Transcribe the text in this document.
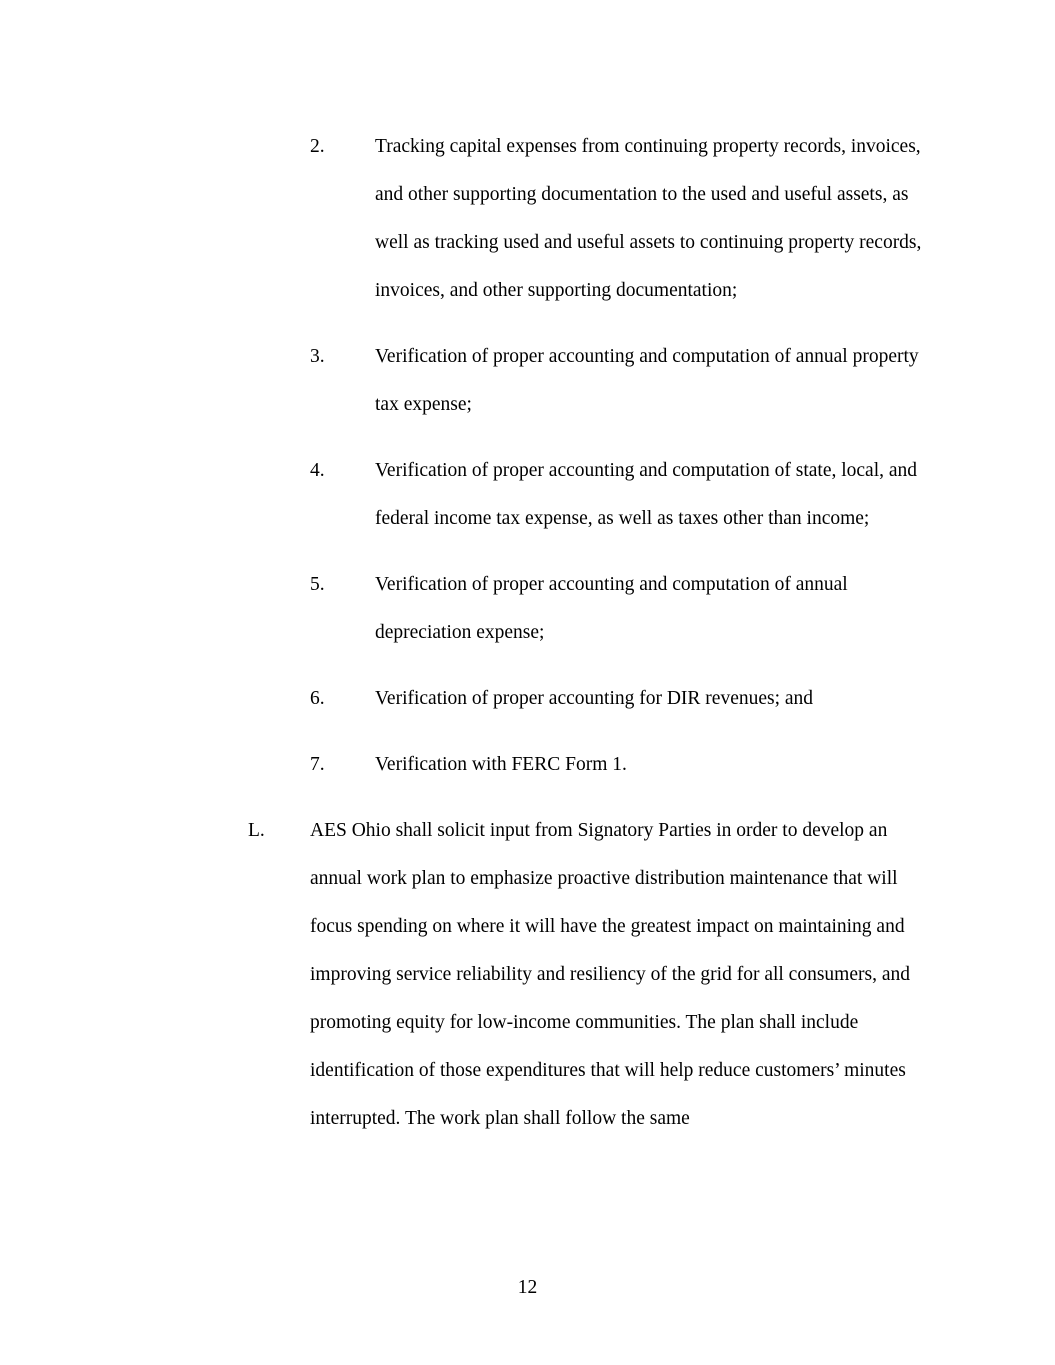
2.	Tracking capital expenses from continuing property records, invoices, and other supporting documentation to the used and useful assets, as well as tracking used and useful assets to continuing property records, invoices, and other supporting documentation;
3.	Verification of proper accounting and computation of annual property tax expense;
4.	Verification of proper accounting and computation of state, local, and federal income tax expense, as well as taxes other than income;
5.	Verification of proper accounting and computation of annual depreciation expense;
6.	Verification of proper accounting for DIR revenues; and
7.	Verification with FERC Form 1.
L.	AES Ohio shall solicit input from Signatory Parties in order to develop an annual work plan to emphasize proactive distribution maintenance that will focus spending on where it will have the greatest impact on maintaining and improving service reliability and resiliency of the grid for all consumers, and promoting equity for low-income communities. The plan shall include identification of those expenditures that will help reduce customers’ minutes interrupted. The work plan shall follow the same
12
